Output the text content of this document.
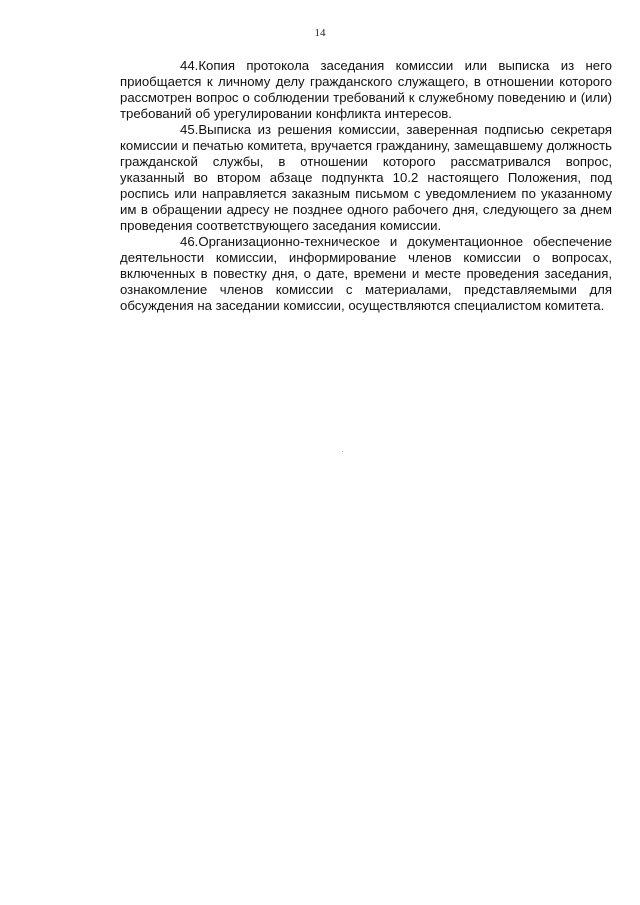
14

44.Копия протокола заседания комиссии или выписка из него приобщается к личному делу гражданского служащего, в отношении которого рассмотрен вопрос о соблюдении требований к служебному поведению и (или) требований об урегулировании конфликта интересов.

45.Выписка из решения комиссии, заверенная подписью секретаря комиссии и печатью комитета, вручается гражданину, замещавшему должность гражданской службы, в отношении которого рассматривался вопрос, указанный во втором абзаце подпункта 10.2 настоящего Положения, под роспись или направляется заказным письмом с уведомлением по указанному им в обращении адресу не позднее одного рабочего дня, следующего за днем проведения соответствующего заседания комиссии.

46.Организационно-техническое и документационное обеспечение деятельности комиссии, информирование членов комиссии о вопросах, включенных в повестку дня, о дате, времени и месте проведения заседания, ознакомление членов комиссии с материалами, представляемыми для обсуждения на заседании комиссии, осуществляются специалистом комитета.
